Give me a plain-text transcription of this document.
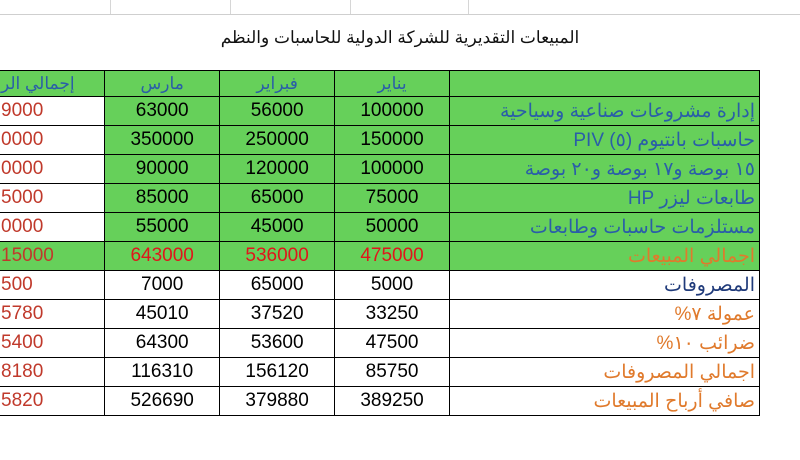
المبيعات التقديرية للشركة الدولية للحاسبات والنظم
إجمالي الر	مارس	فبراير	يناير	

9000	63000	56000	100000	إدارة مشروعات صناعية وسياحية

0000	350000	250000	150000	حاسبات بانتيوم (٥) PIV

0000	90000	120000	100000	١٥ بوصة و١٧ بوصة و٢٠ بوصة

5000	85000	65000	75000	طابعات ليزر HP

0000	55000	45000	50000	مستلزمات حاسبات وطابعات

15000	643000	536000	475000	اجمالي المبيعات

500	7000	65000	5000	المصروفات

5780	45010	37520	33250	عمولة ٧%

5400	64300	53600	47500	ضرائب ١٠%

8180	116310	156120	85750	اجمالي المصروفات

5820	526690	379880	389250	صافي أرباح المبيعات
